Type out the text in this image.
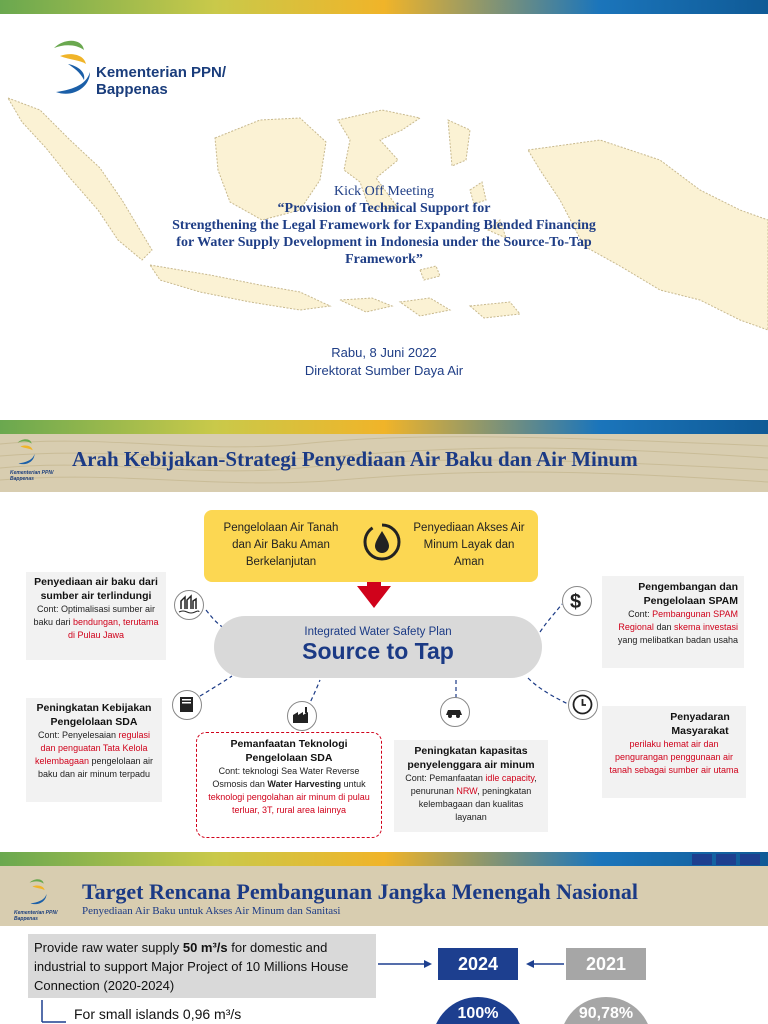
Kementerian PPN/
Bappenas
Kick Off Meeting
“Provision of Technical Support for
Strengthening the Legal Framework for Expanding Blended Financing
for Water Supply Development in Indonesia under the Source-To-Tap
Framework”
Rabu, 8 Juni 2022
Direktorat Sumber Daya Air
Kementerian PPN/
Bappenas
Arah Kebijakan-Strategi Penyediaan Air Baku dan Air Minum
Pengelolaan Air Tanah dan Air Baku Aman Berkelanjutan
Penyediaan Akses Air Minum Layak dan Aman
Integrated Water Safety Plan
Source to Tap
$
Penyediaan air baku dari sumber air terlindungi
Cont: Optimalisasi sumber air baku dari bendungan, terutama di Pulau Jawa
Peningkatan Kebijakan Pengelolaan SDA
Cont: Penyelesaian regulasi dan penguatan Tata Kelola kelembagaan pengelolaan air baku dan air minum terpadu
Pemanfaatan Teknologi Pengelolaan SDA
Cont: teknologi Sea Water Reverse Osmosis dan Water Harvesting untuk teknologi pengolahan air minum di pulau terluar, 3T, rural area lainnya
Peningkatan kapasitas penyelenggara air minum
Cont: Pemanfaatan idle capacity, penurunan NRW, peningkatan kelembagaan dan kualitas layanan
Pengembangan dan Pengelolaan SPAM
Cont: Pembangunan SPAM Regional dan skema investasi yang melibatkan badan usaha
Penyadaran Masyarakat
perilaku hemat air dan pengurangan penggunaan air tanah sebagai sumber air utama
Kementerian PPN/
Bappenas
Target Rencana Pembangunan Jangka Menengah Nasional
Penyediaan Air Baku untuk Akses Air Minum dan Sanitasi
Provide raw water supply 50 m³/s for domestic and industrial to support Major Project of 10 Millions House Connection (2020-2024)
2024	2021
100%	90,78%
For small islands 0,96 m³/s
